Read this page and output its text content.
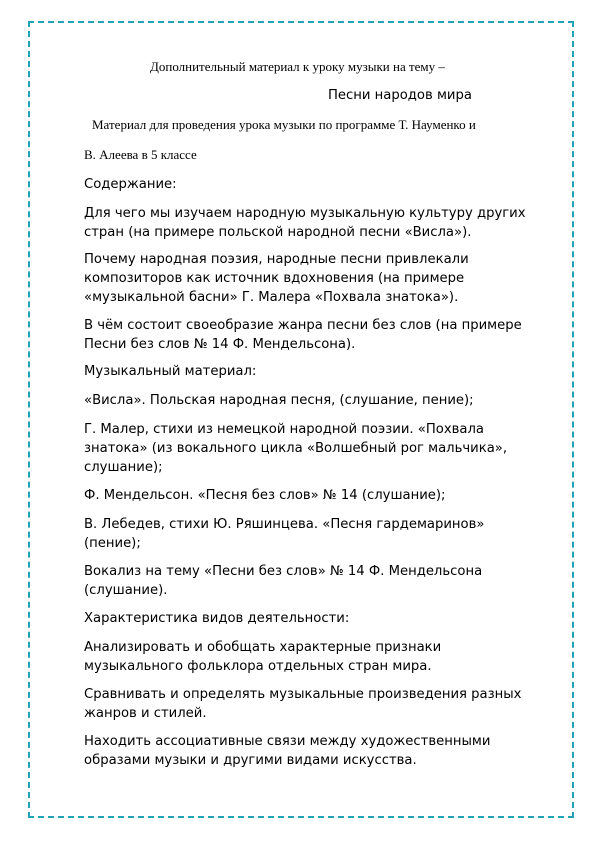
Дополнительный материал к уроку музыки на тему –
Песни народов мира
Материал для проведения урока музыки по программе Т. Науменко и
В. Алеева в 5 классе

Содержание:

Для чего мы изучаем народную музыкальную культуру других стран (на примере польской народной песни «Висла»).

Почему народная поэзия, народные песни привлекали композиторов как источник вдохновения (на примере «музыкальной басни» Г. Малера «Похвала знатока»).

В чём состоит своеобразие жанра песни без слов (на примере Песни без слов № 14 Ф. Мендельсона).

Музыкальный материал:

«Висла». Польская народная песня, (слушание, пение);

Г. Малер, стихи из немецкой народной поэзии. «Похвала знатока» (из вокального цикла «Волшебный рог мальчика», слушание);

Ф. Мендельсон. «Песня без слов» № 14 (слушание);

В. Лебедев, стихи Ю. Ряшинцева. «Песня гардемаринов» (пение);

Вокализ на тему «Песни без слов» № 14 Ф. Мендельсона (слушание).

Характеристика видов деятельности:

Анализировать и обобщать характерные признаки музыкального фольклора отдельных стран мира.

Сравнивать и определять музыкальные произведения разных жанров и стилей.

Находить ассоциативные связи между художественными образами музыки и другими видами искусства.
